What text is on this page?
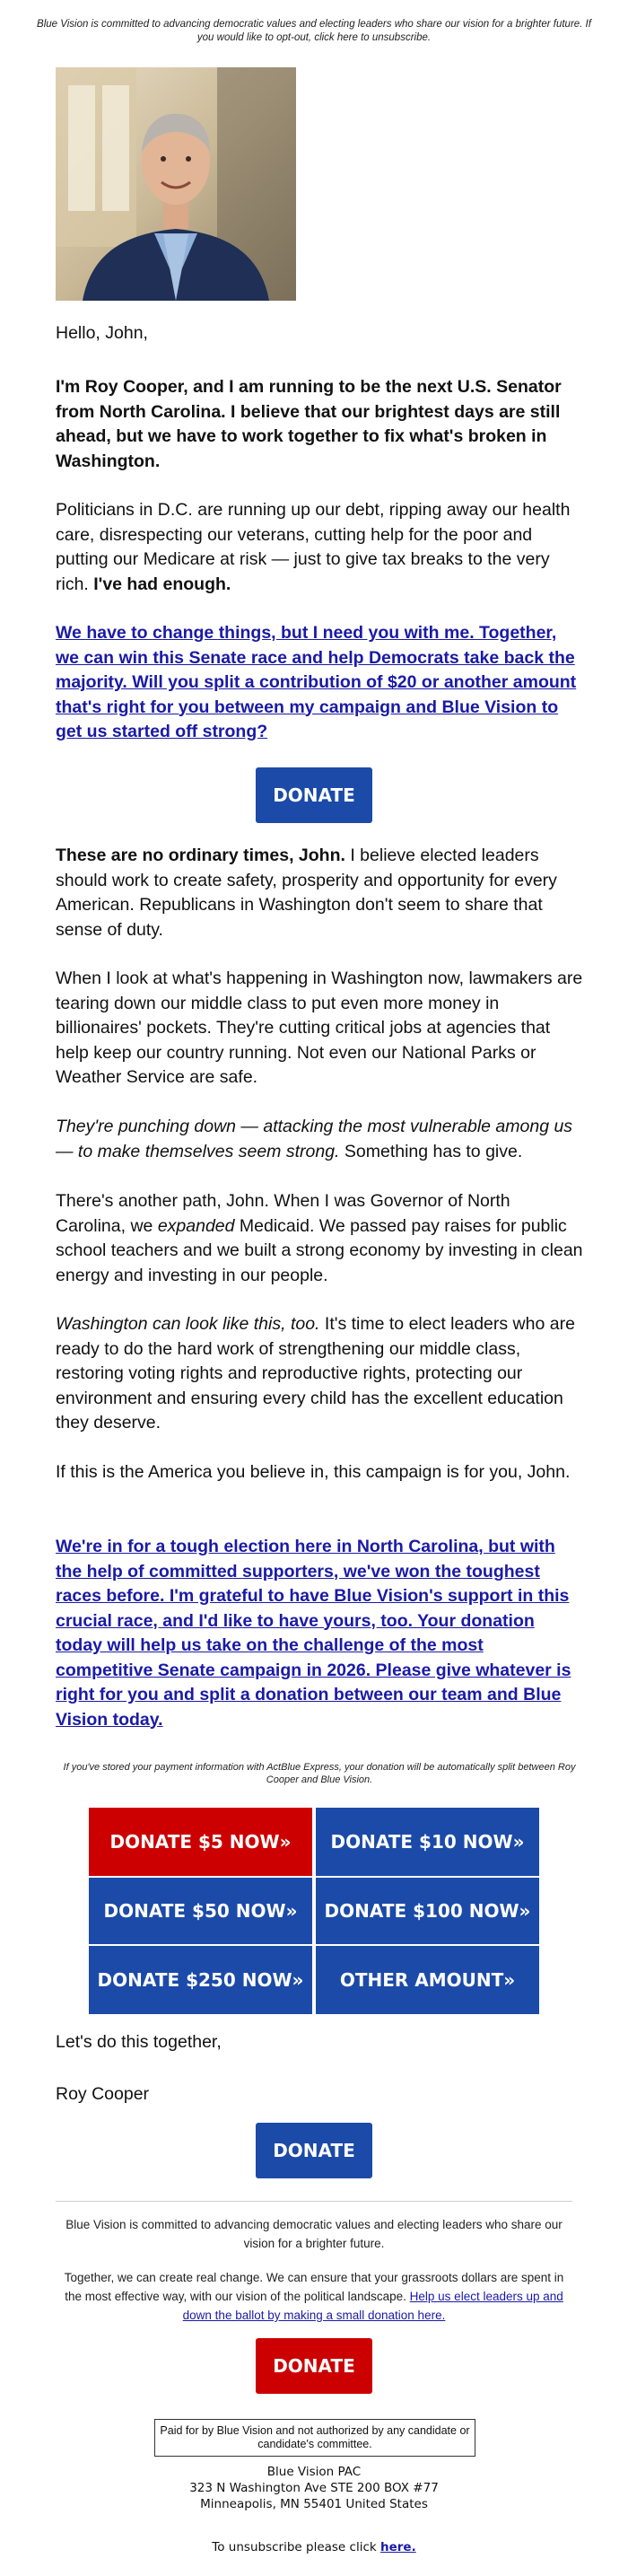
Blue Vision is committed to advancing democratic values and electing leaders who share our vision for a brighter future. If you would like to opt-out, click here to unsubscribe.
Hello, John,
I'm Roy Cooper, and I am running to be the next U.S. Senator from North Carolina. I believe that our brightest days are still ahead, but we have to work together to fix what's broken in Washington.
Politicians in D.C. are running up our debt, ripping away our health care, disrespecting our veterans, cutting help for the poor and putting our Medicare at risk — just to give tax breaks to the very rich. I've had enough.
We have to change things, but I need you with me. Together, we can win this Senate race and help Democrats take back the majority. Will you split a contribution of $20 or another amount that's right for you between my campaign and Blue Vision to get us started off strong?
DONATE
These are no ordinary times, John. I believe elected leaders should work to create safety, prosperity and opportunity for every American. Republicans in Washington don't seem to share that sense of duty.
When I look at what's happening in Washington now, lawmakers are tearing down our middle class to put even more money in billionaires' pockets. They're cutting critical jobs at agencies that help keep our country running. Not even our National Parks or Weather Service are safe.
They're punching down — attacking the most vulnerable among us — to make themselves seem strong. Something has to give.
There's another path, John. When I was Governor of North Carolina, we expanded Medicaid. We passed pay raises for public school teachers and we built a strong economy by investing in clean energy and investing in our people.
Washington can look like this, too. It's time to elect leaders who are ready to do the hard work of strengthening our middle class, restoring voting rights and reproductive rights, protecting our environment and ensuring every child has the excellent education they deserve.
If this is the America you believe in, this campaign is for you, John.
We're in for a tough election here in North Carolina, but with the help of committed supporters, we've won the toughest races before. I'm grateful to have Blue Vision's support in this crucial race, and I'd like to have yours, too. Your donation today will help us take on the challenge of the most competitive Senate campaign in 2026. Please give whatever is right for you and split a donation between our team and Blue Vision today.
If you've stored your payment information with ActBlue Express, your donation will be automatically split between Roy Cooper and Blue Vision.
DONATE $5 NOW»	DONATE $10 NOW»
DONATE $50 NOW»	DONATE $100 NOW»
DONATE $250 NOW»	OTHER AMOUNT»
Let's do this together,
Roy Cooper
DONATE
Blue Vision is committed to advancing democratic values and electing leaders who share our vision for a brighter future.
Together, we can create real change. We can ensure that your grassroots dollars are spent in the most effective way, with our vision of the political landscape. Help us elect leaders up and down the ballot by making a small donation here.
DONATE
Paid for by Blue Vision and not authorized by any candidate or candidate's committee.
Blue Vision PAC
323 N Washington Ave STE 200 BOX #77
Minneapolis, MN 55401 United States
To unsubscribe please click here.
